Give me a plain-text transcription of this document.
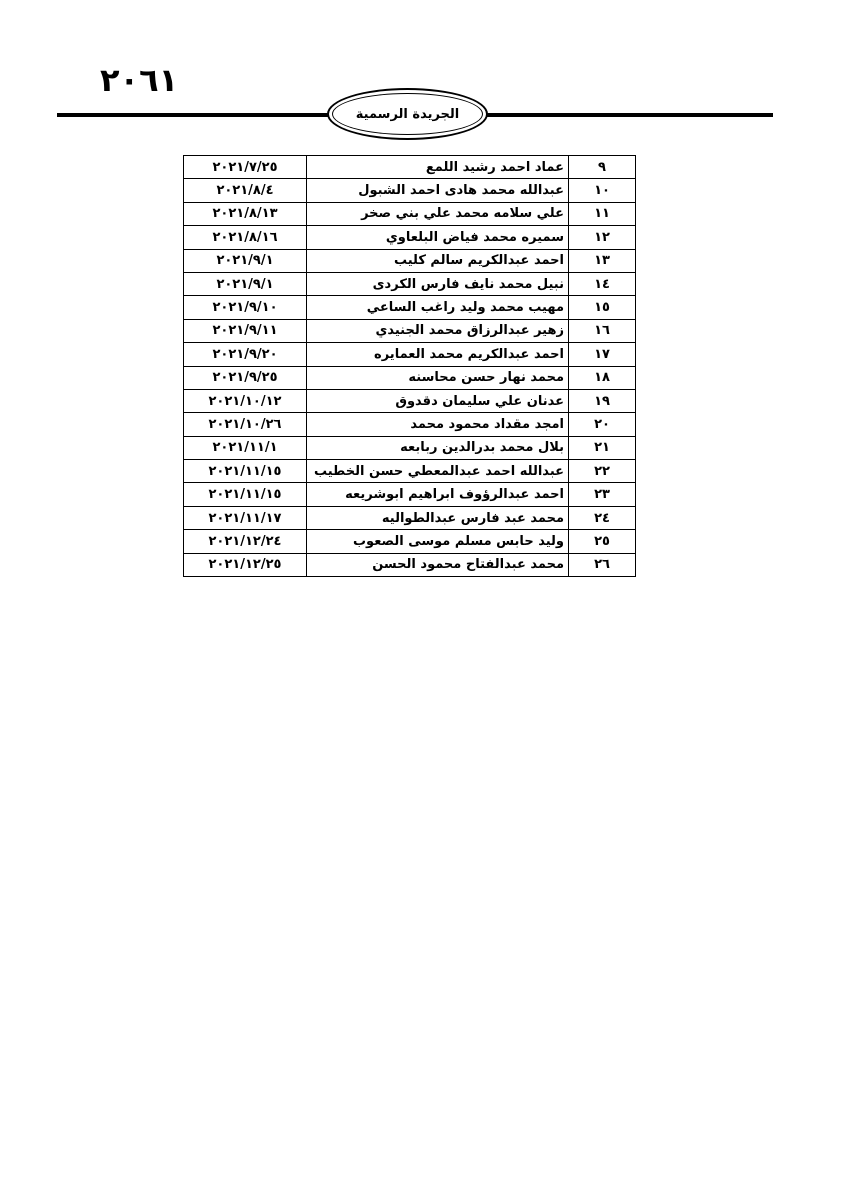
٢٠٦١
الجريدة الرسمية
٩	عماد احمد رشيد اللمع	٢٠٢١/٧/٢٥
١٠	عبدالله محمد هادى احمد الشبول	٢٠٢١/٨/٤
١١	علي سلامه محمد علي بني صخر	٢٠٢١/٨/١٣
١٢	سميره محمد فياض البلعاوي	٢٠٢١/٨/١٦
١٣	احمد عبدالكريم سالم كليب	٢٠٢١/٩/١
١٤	نبيل محمد نايف فارس الكردى	٢٠٢١/٩/١
١٥	مهيب محمد وليد راغب الساعي	٢٠٢١/٩/١٠
١٦	زهير عبدالرزاق محمد الجنيدي	٢٠٢١/٩/١١
١٧	احمد عبدالكريم محمد العمايره	٢٠٢١/٩/٢٠
١٨	محمد نهار حسن محاسنه	٢٠٢١/٩/٢٥
١٩	عدنان علي سليمان دقدوق	٢٠٢١/١٠/١٢
٢٠	امجد مقداد محمود محمد	٢٠٢١/١٠/٢٦
٢١	بلال محمد بدرالدين ربابعه	٢٠٢١/١١/١
٢٢	عبدالله احمد عبدالمعطي حسن الخطيب	٢٠٢١/١١/١٥
٢٣	احمد عبدالرؤوف ابراهيم ابوشريعه	٢٠٢١/١١/١٥
٢٤	محمد عبد فارس عبدالطواليه	٢٠٢١/١١/١٧
٢٥	وليد حابس مسلم موسى الصعوب	٢٠٢١/١٢/٢٤
٢٦	محمد عبدالفتاح محمود الحسن	٢٠٢١/١٢/٢٥
